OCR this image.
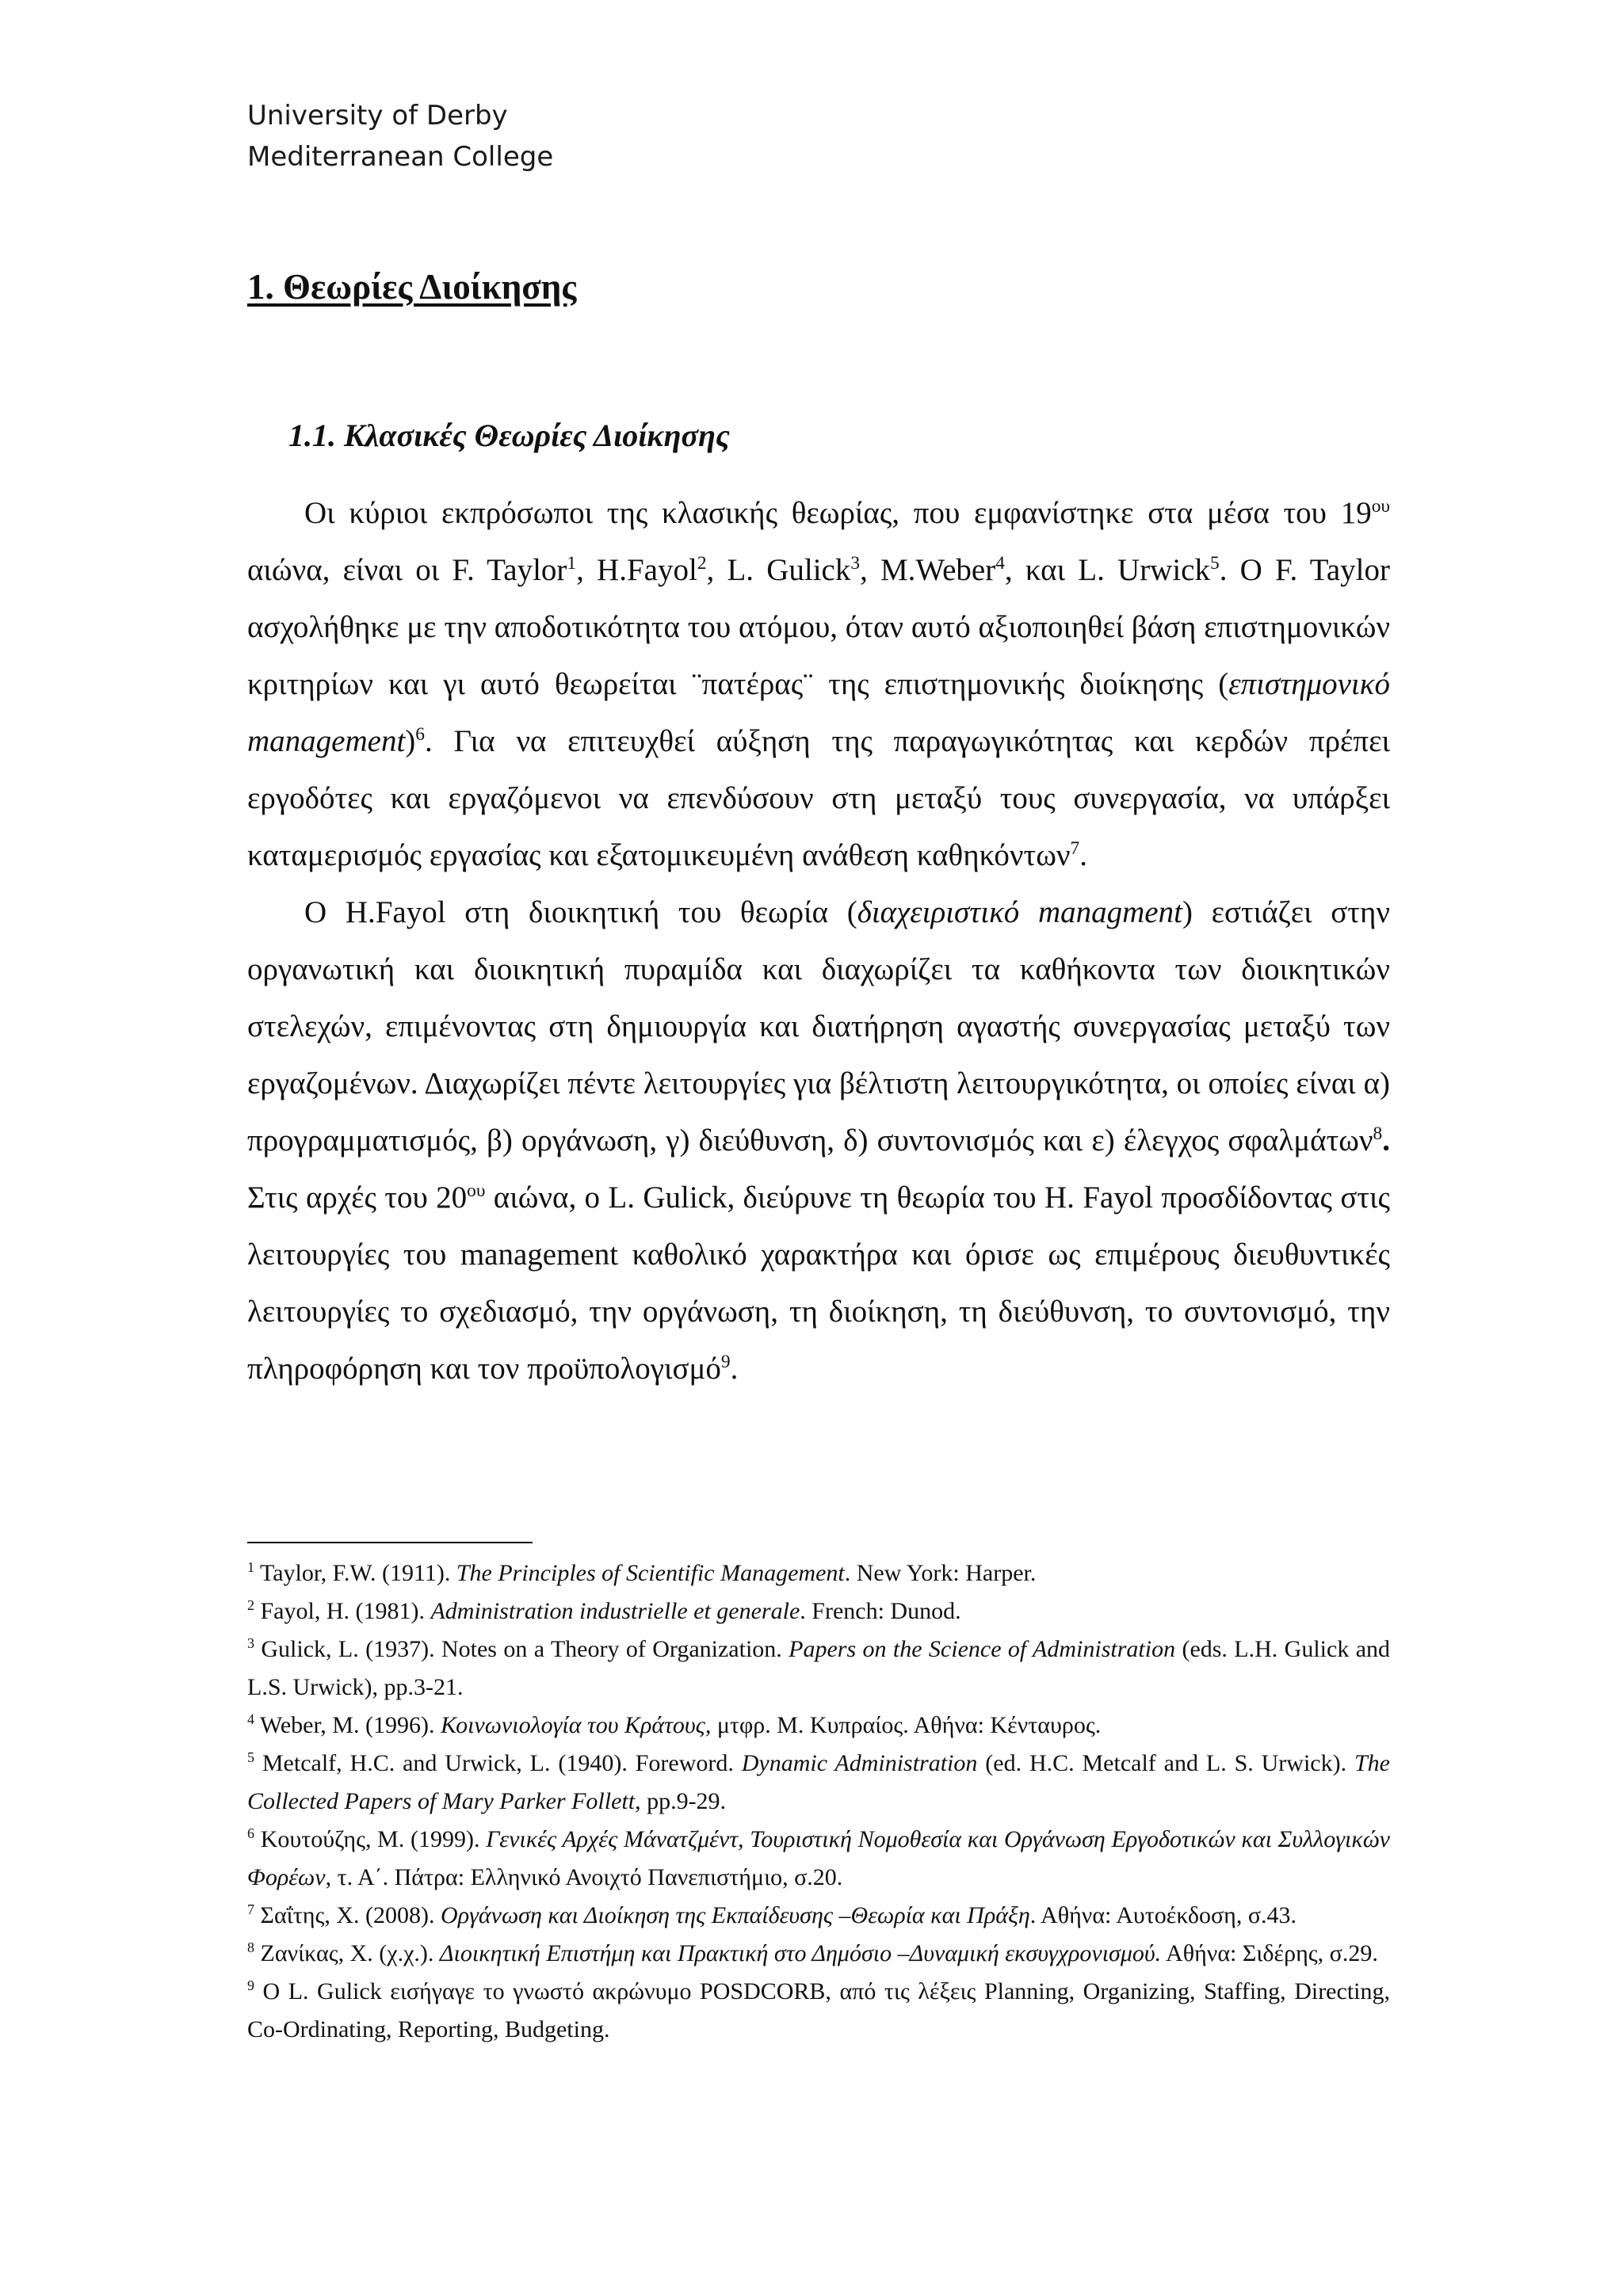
University of Derby
Mediterranean College
1. Θεωρίες Διοίκησης
1.1. Κλασικές Θεωρίες Διοίκησης

Οι κύριοι εκπρόσωποι της κλασικής θεωρίας, που εμφανίστηκε στα μέσα του $19^{o\upsilon}$ αιώνα, είναι οι F. Taylor$^1$, H.Fayol$^2$, L. Gulick$^3$, M.Weber$^4$, και L. Urwick$^5$. O F. Taylor ασχολήθηκε με την αποδοτικότητα του ατόμου, όταν αυτό αξιοποιηθεί βάση επιστημονικών κριτηρίων και γι αυτό θεωρείται ¨πατέρας¨ της επιστημονικής διοίκησης (επιστημονικό management)$^6$. Για να επιτευχθεί αύξηση της παραγωγικότητας και κερδών πρέπει εργοδότες και εργαζόμενοι να επενδύσουν στη μεταξύ τους συνεργασία, να υπάρξει καταμερισμός εργασίας και εξατομικευμένη ανάθεση καθηκόντων$^7$.

Ο H.Fayol στη διοικητική του θεωρία (διαχειριστικό managment) εστιάζει στην οργανωτική και διοικητική πυραμίδα και διαχωρίζει τα καθήκοντα των διοικητικών στελεχών, επιμένοντας στη δημιουργία και διατήρηση αγαστής συνεργασίας μεταξύ των εργαζομένων. Διαχωρίζει πέντε λειτουργίες για βέλτιστη λειτουργικότητα, οι οποίες είναι α) προγραμματισμός, β) οργάνωση, γ) διεύθυνση, δ) συντονισμός και ε) έλεγχος σφαλμάτων$^8$. Στις αρχές του $20^{o\upsilon}$ αιώνα, ο L. Gulick, διεύρυνε τη θεωρία του H. Fayol προσδίδοντας στις λειτουργίες του management καθολικό χαρακτήρα και όρισε ως επιμέρους διευθυντικές λειτουργίες το σχεδιασμό, την οργάνωση, τη διοίκηση, τη διεύθυνση, το συντονισμό, την πληροφόρηση και τον προϋπολογισμό$^9$.

$^1$ Taylor, F.W. (1911). The Principles of Scientific Management. New York: Harper.

$^2$ Fayol, H. (1981). Administration industrielle et generale. French: Dunod.

$^3$ Gulick, L. (1937). Notes on a Theory of Organization. Papers on the Science of Administration (eds. L.H. Gulick and L.S. Urwick), pp.3-21.

$^4$ Weber, M. (1996). Κοινωνιολογία του Κράτους, μτφρ. Μ. Κυπραίος. Αθήνα: Κένταυρος.

$^5$ Metcalf, H.C. and Urwick, L. (1940). Foreword. Dynamic Administration (ed. H.C. Metcalf and L. S. Urwick). The Collected Papers of Mary Parker Follett, pp.9-29.

$^6$ Κουτούζης, Μ. (1999). Γενικές Αρχές Μάνατζμέντ, Τουριστική Νομοθεσία και Οργάνωση Εργοδοτικών και Συλλογικών Φορέων, τ. Α΄. Πάτρα: Ελληνικό Ανοιχτό Πανεπιστήμιο, σ.20.

$^7$ Σαΐτης, Χ. (2008). Οργάνωση και Διοίκηση της Εκπαίδευσης –Θεωρία και Πράξη. Αθήνα: Αυτοέκδοση, σ.43.

$^8$ Ζανίκας, Χ. (χ.χ.). Διοικητική Επιστήμη και Πρακτική στο Δημόσιο –Δυναμική εκσυγχρονισμού. Αθήνα: Σιδέρης, σ.29.

$^9$ Ο L. Gulick εισήγαγε το γνωστό ακρώνυμο POSDCORB, από τις λέξεις Planning, Organizing, Staffing, Directing, Co-Ordinating, Reporting, Budgeting.
